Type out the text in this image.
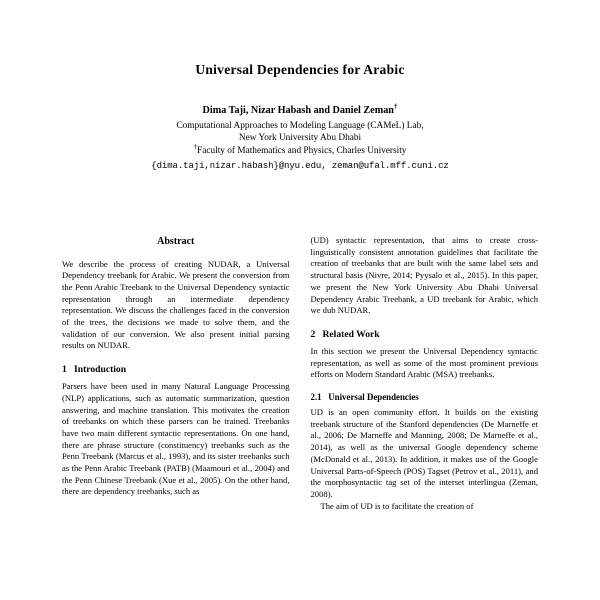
Universal Dependencies for Arabic
Dima Taji, Nizar Habash and Daniel Zeman†
Computational Approaches to Modeling Language (CAMeL) Lab,
New York University Abu Dhabi
†Faculty of Mathematics and Physics, Charles University
{dima.taji,nizar.habash}@nyu.edu, zeman@ufal.mff.cuni.cz
Abstract

We describe the process of creating NUDAR, a Universal Dependency treebank for Arabic. We present the conversion from the Penn Arabic Treebank to the Universal Dependency syntactic representation through an intermediate dependency representation. We discuss the challenges faced in the conversion of the trees, the decisions we made to solve them, and the validation of our conversion. We also present initial parsing results on NUDAR.

1 Introduction

Parsers have been used in many Natural Language Processing (NLP) applications, such as automatic summarization, question answering, and machine translation. This motivates the creation of treebanks on which these parsers can be trained. Treebanks have two main different syntactic representations. On one hand, there are phrase structure (constituency) treebanks such as the Penn Treebank (Marcus et al., 1993), and its sister treebanks such as the Penn Arabic Treebank (PATB) (Maamouri et al., 2004) and the Penn Chinese Treebank (Xue et al., 2005). On the other hand, there are dependency treebanks, such as

(UD) syntactic representation, that aims to create cross-linguistically consistent annotation guidelines that facilitate the creation of treebanks that are built with the same label sets and structural basis (Nivre, 2014; Pyysalo et al., 2015). In this paper, we present the New York University Abu Dhabi Universal Dependency Arabic Treebank, a UD treebank for Arabic, which we dub NUDAR.

2 Related Work

In this section we present the Universal Dependency syntactic representation, as well as some of the most prominent previous efforts on Modern Standard Arabic (MSA) treebanks.

2.1 Universal Dependencies

UD is an open community effort. It builds on the existing treebank structure of the Stanford dependencies (De Marneffe et al., 2006; De Marneffe and Manning, 2008; De Marneffe et al., 2014), as well as the universal Google dependency scheme (McDonald et al., 2013). In addition, it makes use of the Google Universal Parts-of-Speech (POS) Tagset (Petrov et al., 2011), and the morphosyntactic tag set of the interset interlingua (Zeman, 2008).

The aim of UD is to facilitate the creation of
